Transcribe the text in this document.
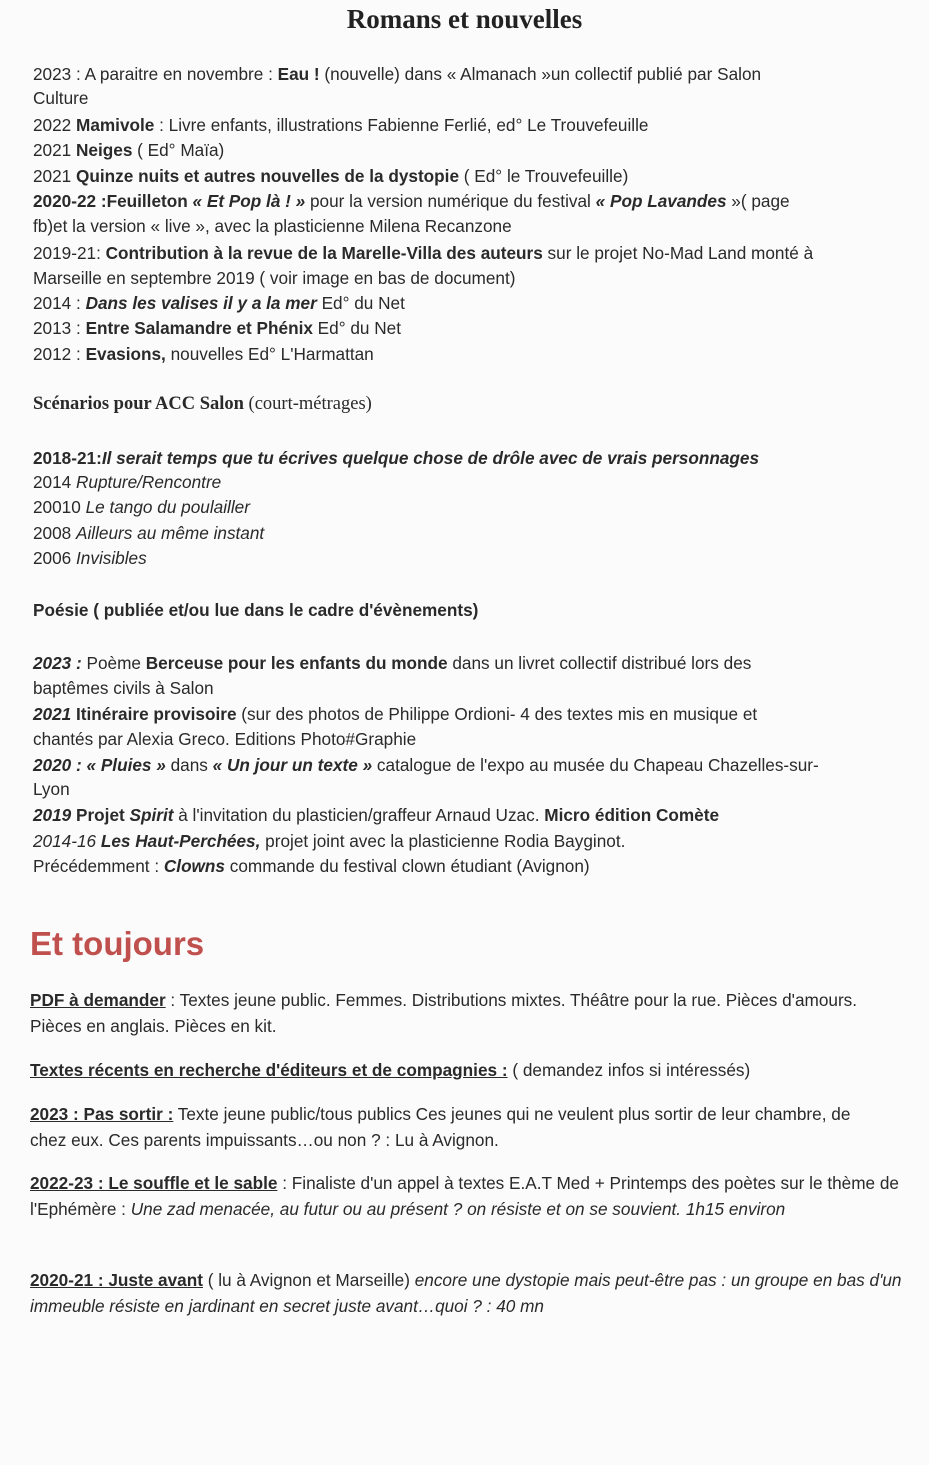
Romans et nouvelles
2023 : A paraitre en novembre : Eau ! (nouvelle) dans « Almanach »un collectif publié par Salon
Culture
2022 Mamivole : Livre enfants, illustrations Fabienne Ferlié, ed° Le Trouvefeuille
2021 Neiges ( Ed° Maïa)
2021 Quinze nuits et autres nouvelles de la dystopie ( Ed° le Trouvefeuille)
2020-22 :Feuilleton « Et Pop là ! » pour la version numérique du festival « Pop Lavandes »( page
fb)et la version « live », avec la plasticienne Milena Recanzone
2019-21: Contribution à la revue de la Marelle-Villa des auteurs sur le projet No-Mad Land monté à
Marseille en septembre 2019 ( voir image en bas de document)
2014 : Dans les valises il y a la mer Ed° du Net
2013 : Entre Salamandre et Phénix Ed° du Net
2012 : Evasions, nouvelles Ed° L'Harmattan
Scénarios pour ACC Salon (court-métrages)
2018-21:Il serait temps que tu écrives quelque chose de drôle avec de vrais personnages
2014 Rupture/Rencontre
20010 Le tango du poulailler
2008 Ailleurs au même instant
2006 Invisibles
Poésie ( publiée et/ou lue dans le cadre d'évènements)
2023 : Poème Berceuse pour les enfants du monde dans un livret collectif distribué lors des
baptêmes civils à Salon
2021 Itinéraire provisoire (sur des photos de Philippe Ordioni- 4 des textes mis en musique et
chantés par Alexia Greco. Editions Photo#Graphie
2020 : « Pluies » dans « Un jour un texte » catalogue de l'expo au musée du Chapeau Chazelles-sur-
Lyon
2019 Projet Spirit à l'invitation du plasticien/graffeur Arnaud Uzac. Micro édition Comète
2014-16 Les Haut-Perchées, projet joint avec la plasticienne Rodia Bayginot.
Précédemment : Clowns commande du festival clown étudiant (Avignon)
Et toujours

PDF à demander : Textes jeune public. Femmes. Distributions mixtes. Théâtre pour la rue. Pièces d'amours. Pièces en anglais. Pièces en kit.

Textes récents en recherche d'éditeurs et de compagnies : ( demandez infos si intéressés)

2023 : Pas sortir : Texte jeune public/tous publics Ces jeunes qui ne veulent plus sortir de leur chambre, de chez eux. Ces parents impuissants…ou non ? : Lu à Avignon.

2022-23 : Le souffle et le sable : Finaliste d'un appel à textes E.A.T Med + Printemps des poètes sur le thème de l'Ephémère : Une zad menacée, au futur ou au présent ? on résiste et on se souvient. 1h15 environ

2020-21 : Juste avant ( lu à Avignon et Marseille) encore une dystopie mais peut-être pas : un groupe en bas d'un immeuble résiste en jardinant en secret juste avant…quoi ? : 40 mn
